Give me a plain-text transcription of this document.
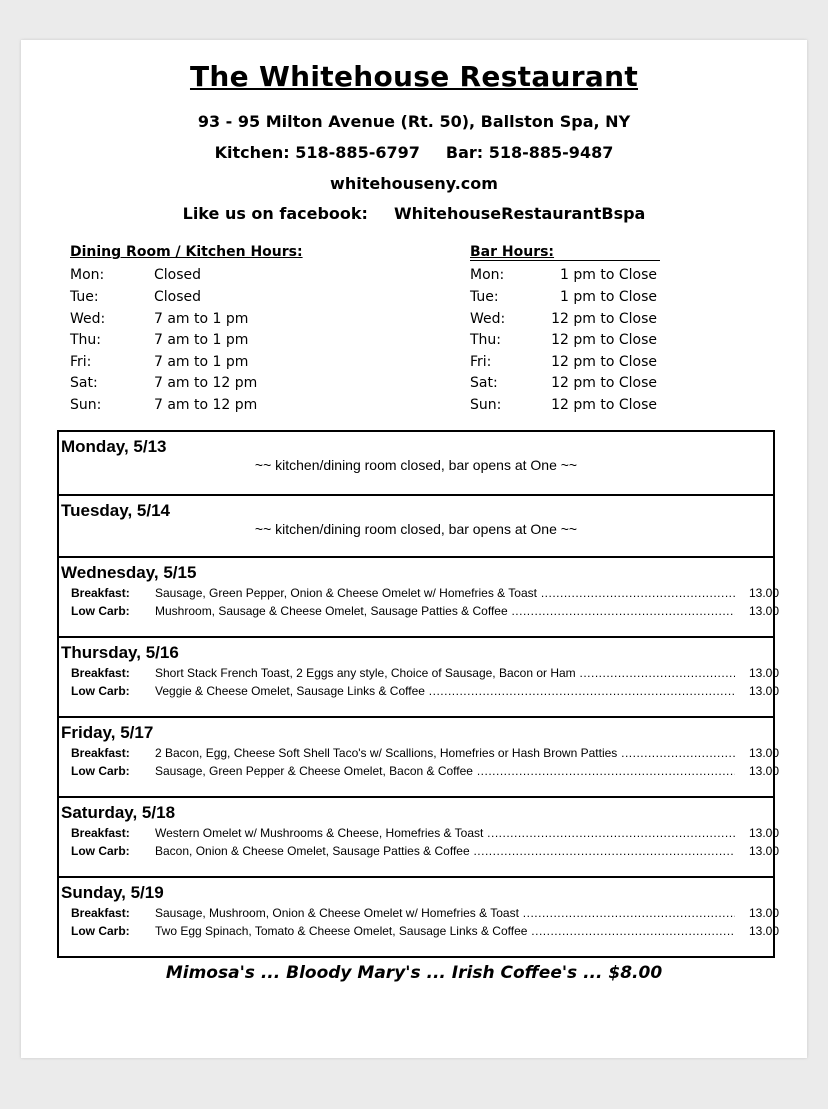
The Whitehouse Restaurant
93 - 95 Milton Avenue (Rt. 50), Ballston Spa, NY
Kitchen: 518-885-6797 Bar: 518-885-9487
whitehouseny.com
Like us on facebook: WhitehouseRestaurantBspa
Dining Room / Kitchen Hours:
Mon:	Closed
Tue:	Closed
Wed:	7 am to 1 pm
Thu:	7 am to 1 pm
Fri:	7 am to 1 pm
Sat:	7 am to 12 pm
Sun:	7 am to 12 pm
Bar Hours:
Mon:	1 pm to Close
Tue:	1 pm to Close
Wed:	12 pm to Close
Thu:	12 pm to Close
Fri:	12 pm to Close
Sat:	12 pm to Close
Sun:	12 pm to Close
Monday, 5/13
~~ kitchen/dining room closed, bar opens at One ~~
Tuesday, 5/14
~~ kitchen/dining room closed, bar opens at One ~~
Wednesday, 5/15
Breakfast: Sausage, Green Pepper, Onion & Cheese Omelet w/ Homefries & Toast .....	13.00
Low Carb: Mushroom, Sausage & Cheese Omelet, Sausage Patties & Coffee .....	13.00
Thursday, 5/16
Breakfast: Short Stack French Toast, 2 Eggs any style, Choice of Sausage, Bacon or Ham .....	13.00
Low Carb: Veggie & Cheese Omelet, Sausage Links & Coffee .....	13.00
Friday, 5/17
Breakfast: 2 Bacon, Egg, Cheese Soft Shell Taco's w/ Scallions, Homefries or Hash Brown Patties .....	13.00
Low Carb: Sausage, Green Pepper & Cheese Omelet, Bacon & Coffee .....	13.00
Saturday, 5/18
Breakfast: Western Omelet w/ Mushrooms & Cheese, Homefries & Toast .....	13.00
Low Carb: Bacon, Onion & Cheese Omelet, Sausage Patties & Coffee .....	13.00
Sunday, 5/19
Breakfast: Sausage, Mushroom, Onion & Cheese Omelet w/ Homefries & Toast .....	13.00
Low Carb: Two Egg Spinach, Tomato & Cheese Omelet, Sausage Links & Coffee .....	13.00
Mimosa's ... Bloody Mary's ... Irish Coffee's ... $8.00
